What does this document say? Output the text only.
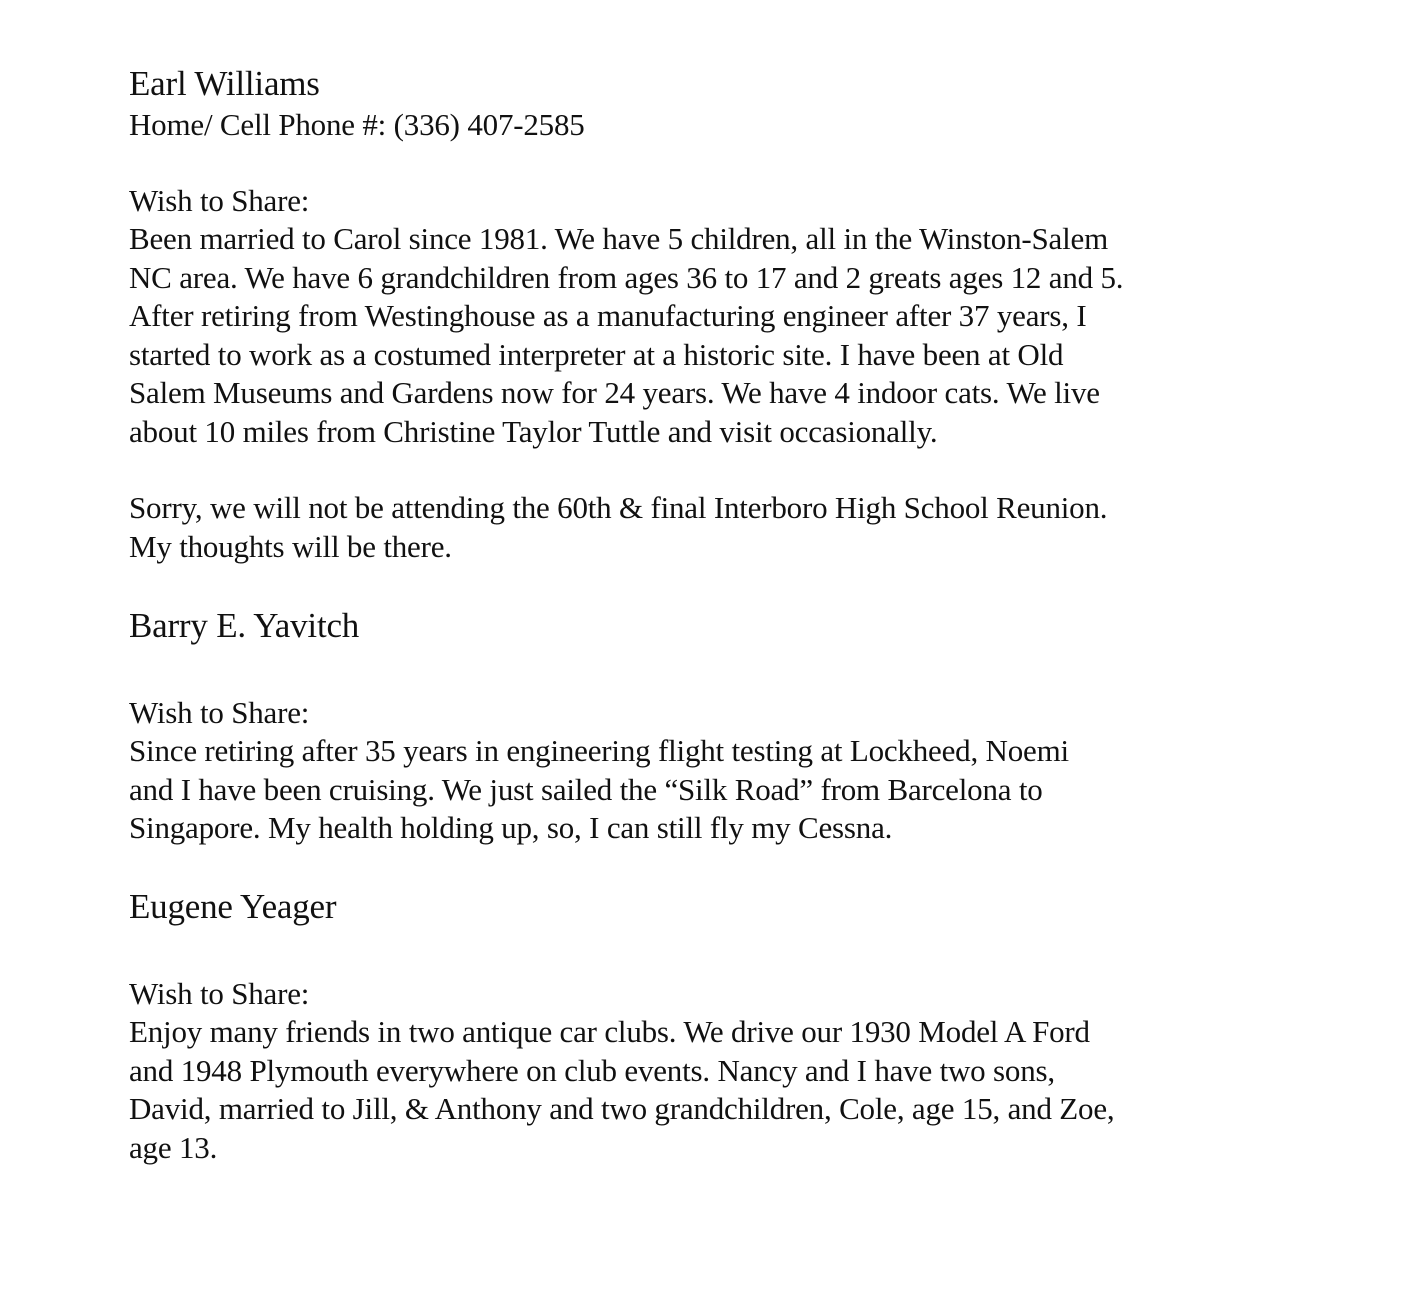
Earl Williams
Home/ Cell Phone #: (336) 407-2585
Wish to Share:
Been married to Carol since 1981. We have 5 children, all in the Winston-Salem
NC area. We have 6 grandchildren from ages 36 to 17 and 2 greats ages 12 and 5.
After retiring from Westinghouse as a manufacturing engineer after 37 years, I
started to work as a costumed interpreter at a historic site. I have been at Old
Salem Museums and Gardens now for 24 years. We have 4 indoor cats. We live
about 10 miles from Christine Taylor Tuttle and visit occasionally.
Sorry, we will not be attending the 60th & final Interboro High School Reunion.
My thoughts will be there.
Barry E. Yavitch
Wish to Share:
Since retiring after 35 years in engineering flight testing at Lockheed, Noemi
and I have been cruising. We just sailed the “Silk Road” from Barcelona to
Singapore. My health holding up, so, I can still fly my Cessna.
Eugene Yeager
Wish to Share:
Enjoy many friends in two antique car clubs. We drive our 1930 Model A Ford
and 1948 Plymouth everywhere on club events. Nancy and I have two sons,
David, married to Jill, & Anthony and two grandchildren, Cole, age 15, and Zoe,
age 13.
